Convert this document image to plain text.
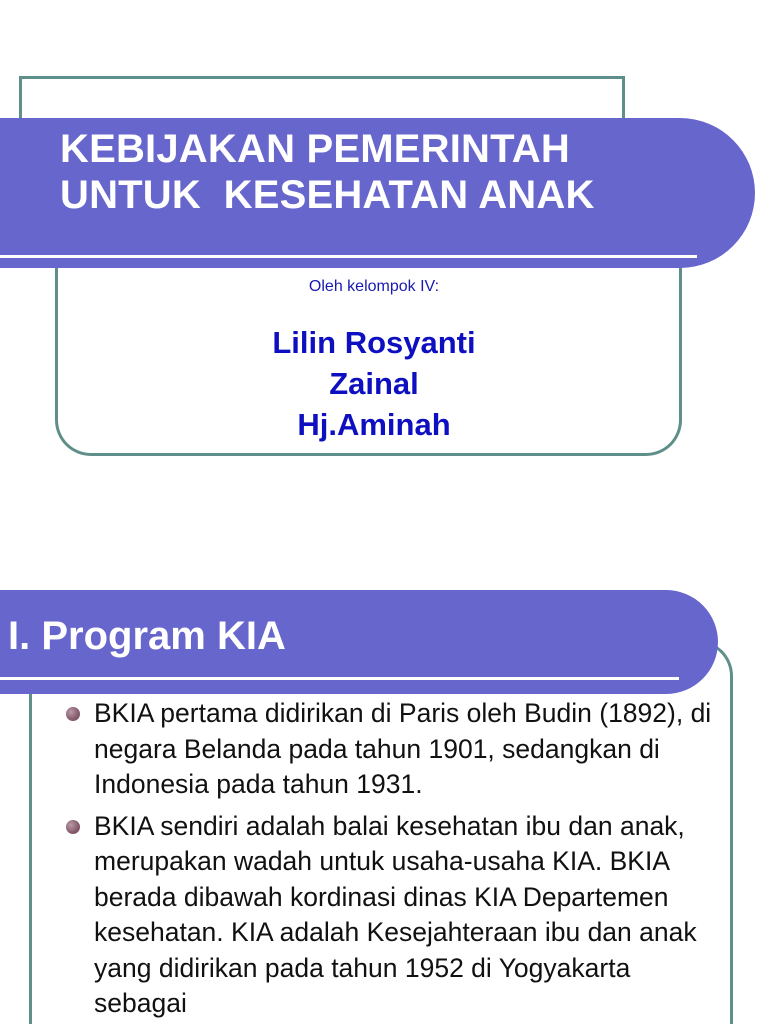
KEBIJAKAN PEMERINTAH
UNTUK  KESEHATAN ANAK
Oleh kelompok IV:
Lilin Rosyanti
Zainal
Hj.Aminah
I. Program KIA
BKIA pertama didirikan di Paris oleh Budin (1892), di negara Belanda pada tahun 1901, sedangkan di Indonesia pada tahun 1931.
BKIA sendiri adalah balai kesehatan ibu dan anak, merupakan wadah untuk usaha-usaha KIA. BKIA berada dibawah kordinasi dinas KIA Departemen kesehatan. KIA adalah Kesejahteraan ibu dan anak yang didirikan pada tahun 1952 di Yogyakarta sebagai
